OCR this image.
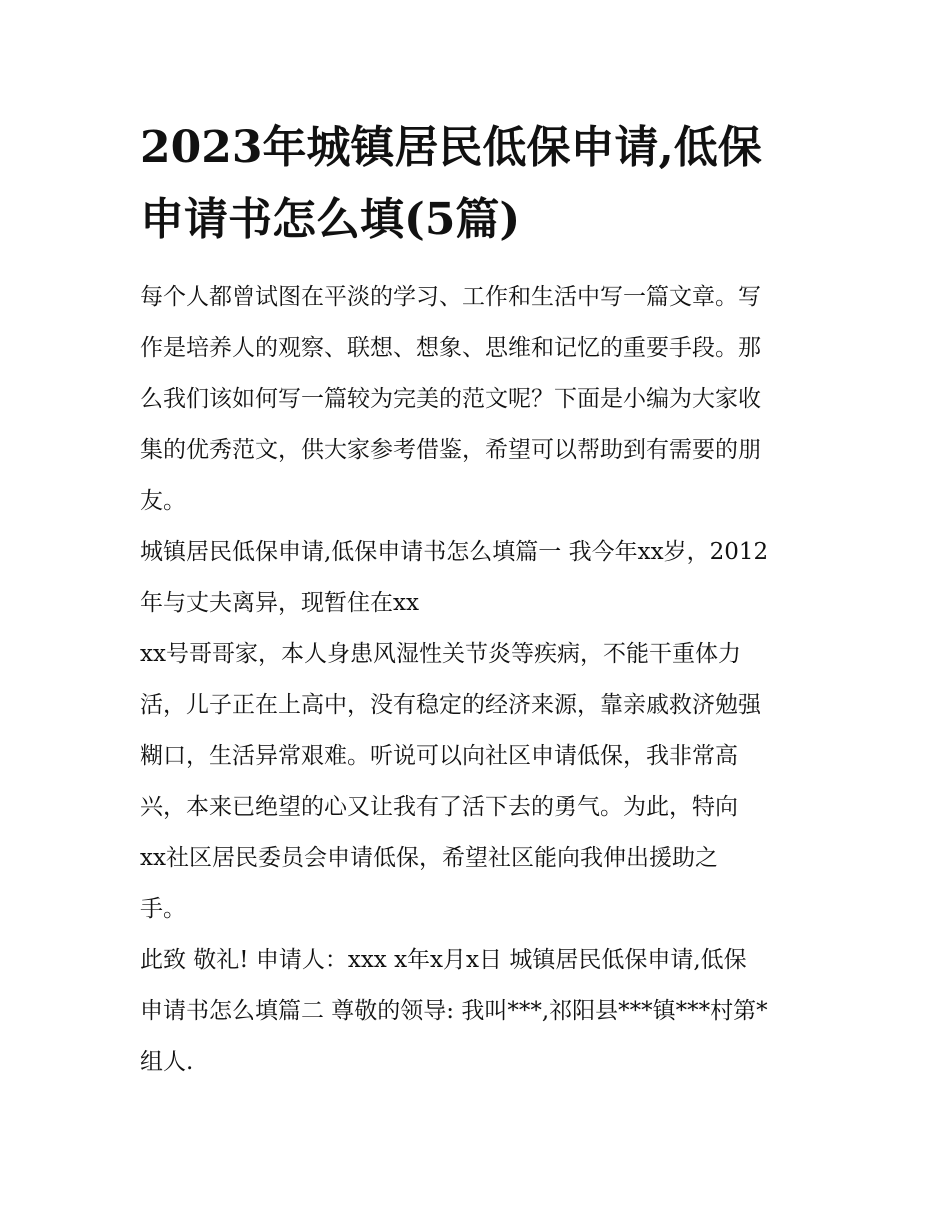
2023年城镇居民低保申请,低保
申请书怎么填(5篇)

每个人都曾试图在平淡的学习、工作和生活中写一篇文章。写
作是培养人的观察、联想、想象、思维和记忆的重要手段。那
么我们该如何写一篇较为完美的范文呢？下面是小编为大家收
集的优秀范文，供大家参考借鉴，希望可以帮助到有需要的朋
友。

城镇居民低保申请,低保申请书怎么填篇一 我今年xx岁，2012
年与丈夫离异，现暂住在xx

xx号哥哥家，本人身患风湿性关节炎等疾病，不能干重体力
活，儿子正在上高中，没有稳定的经济来源，靠亲戚救济勉强
糊口，生活异常艰难。听说可以向社区申请低保，我非常高
兴，本来已绝望的心又让我有了活下去的勇气。为此，特向
xx社区居民委员会申请低保，希望社区能向我伸出援助之
手。

此致 敬礼! 申请人：xxx x年x月x日 城镇居民低保申请,低保
申请书怎么填篇二 尊敬的领导: 我叫***,祁阳县***镇***村第*
组人.
